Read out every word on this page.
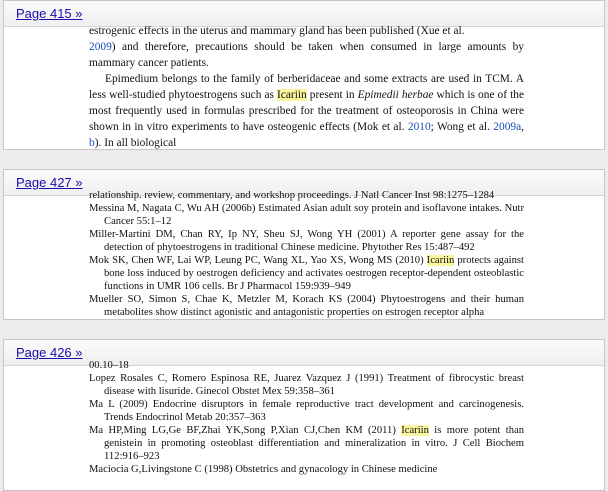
Page 415 »

estrogenic effects in the uterus and mammary gland has been published (Xue et al.

2009) and therefore, precautions should be taken when consumed in large amounts by mammary cancer patients.

Epimedium belongs to the family of berberidaceae and some extracts are used in TCM. A less well-studied phytoestrogens such as Icariin present in Epimedii herbae which is one of the most frequently used in formulas prescribed for the treatment of osteoporosis in China were shown in in vitro experiments to have osteogenic effects (Mok et al. 2010; Wong et al. 2009a, b). In all biological

Page 427 »

relationship. review, commentary, and workshop proceedings. J Natl Cancer Inst 98:1275–1284

Messina M, Nagata C, Wu AH (2006b) Estimated Asian adult soy protein and isoflavone intakes. Nutr Cancer 55:1–12

Miller-Martini DM, Chan RY, Ip NY, Sheu SJ, Wong YH (2001) A reporter gene assay for the detection of phytoestrogens in traditional Chinese medicine. Phytother Res 15:487–492

Mok SK, Chen WF, Lai WP, Leung PC, Wang XL, Yao XS, Wong MS (2010) Icariin protects against bone loss induced by oestrogen deficiency and activates oestrogen receptor-dependent osteoblastic functions in UMR 106 cells. Br J Pharmacol 159:939–949

Mueller SO, Simon S, Chae K, Metzler M, Korach KS (2004) Phytoestrogens and their human metabolites show distinct agonistic and antagonistic properties on estrogen receptor alpha

Page 426 »

00.10–18

Lopez Rosales C, Romero Espinosa RE, Juarez Vazquez J (1991) Treatment of fibrocystic breast disease with lisuride. Ginecol Obstet Mex 59:358–361

Ma L (2009) Endocrine disruptors in female reproductive tract development and carcinogenesis. Trends Endocrinol Metab 20:357–363

Ma HP,Ming LG,Ge BF,Zhai YK,Song P,Xian CJ,Chen KM (2011) Icariin is more potent than genistein in promoting osteoblast differentiation and mineralization in vitro. J Cell Biochem 112:916–923

Maciocia G,Livingstone C (1998) Obstetrics and gynacology in Chinese medicine
